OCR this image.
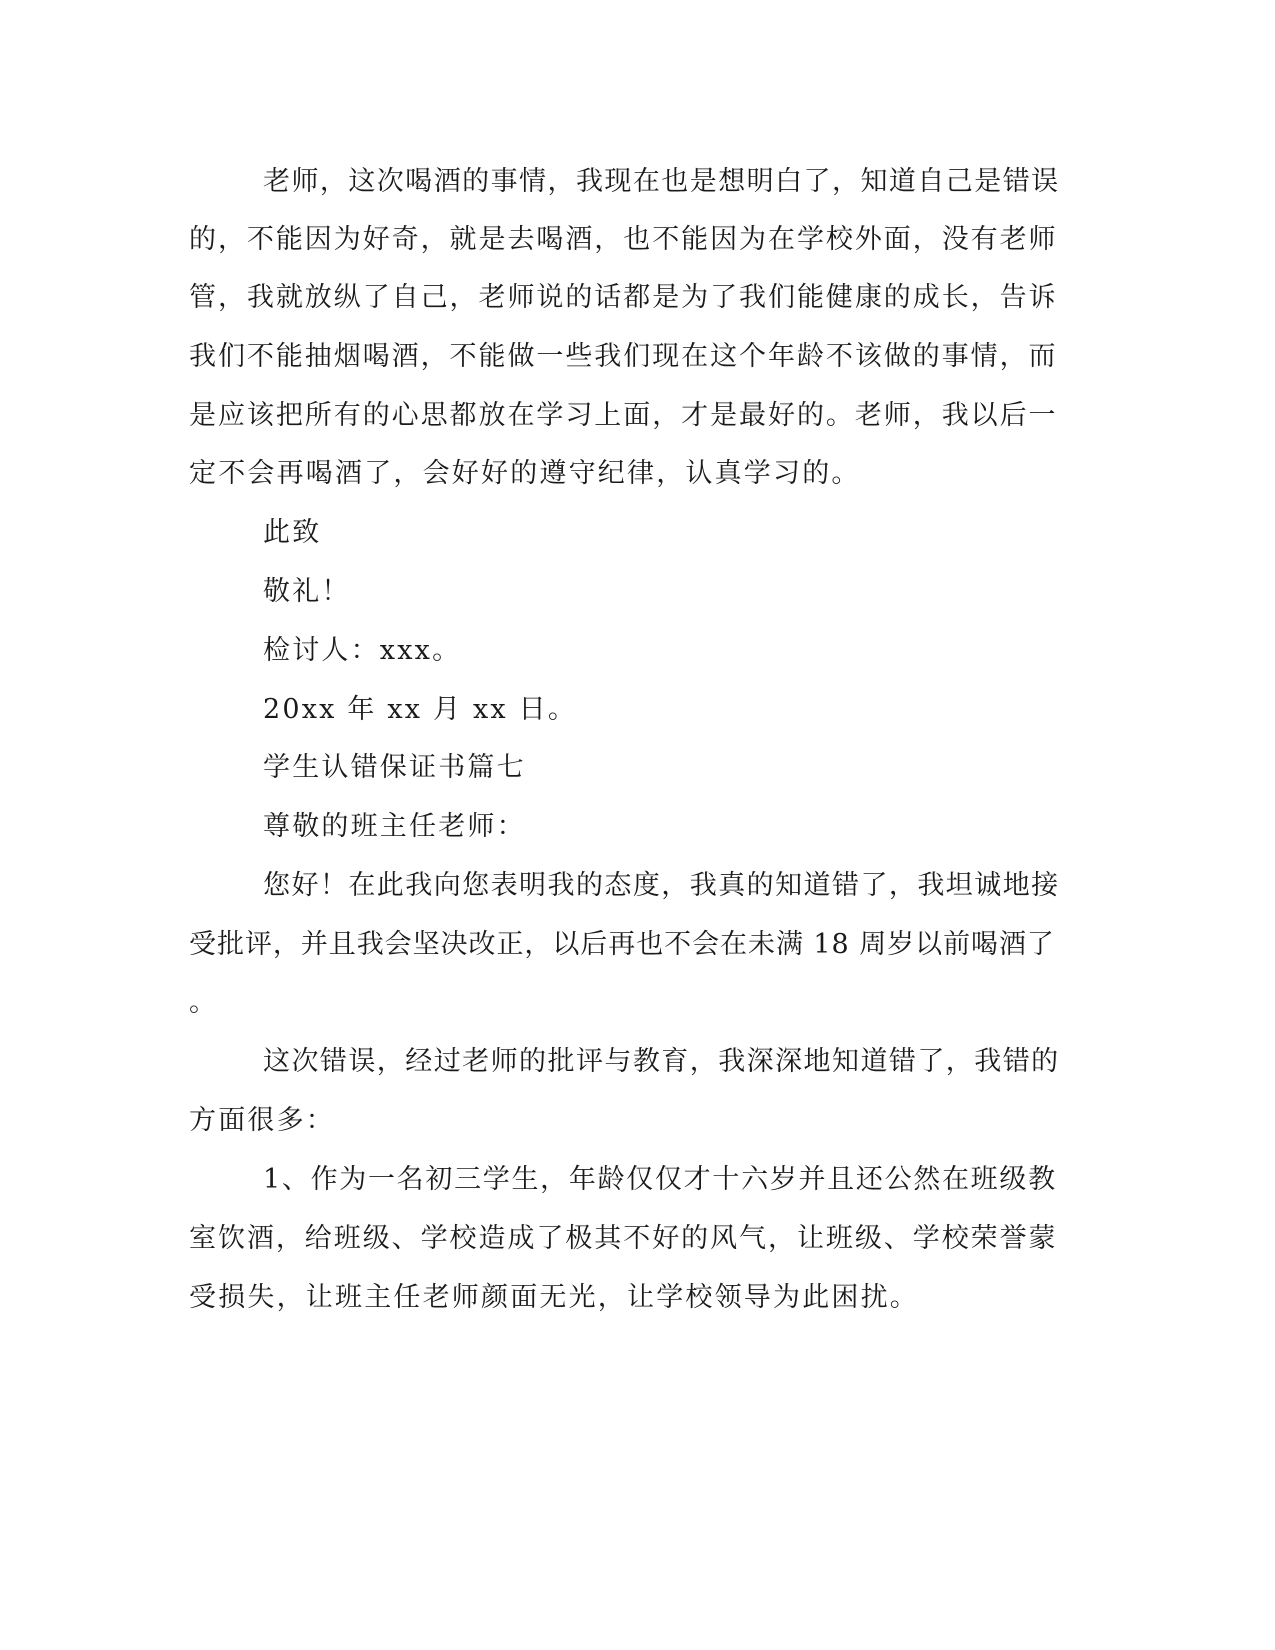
老师，这次喝酒的事情，我现在也是想明白了，知道自己是错误
的，不能因为好奇，就是去喝酒，也不能因为在学校外面，没有老师
管，我就放纵了自己，老师说的话都是为了我们能健康的成长，告诉
我们不能抽烟喝酒，不能做一些我们现在这个年龄不该做的事情，而
是应该把所有的心思都放在学习上面，才是最好的。老师，我以后一
定不会再喝酒了，会好好的遵守纪律，认真学习的。
此致
敬礼！
检讨人：xxx。
20xx 年 xx 月 xx 日。
学生认错保证书篇七
尊敬的班主任老师：
您好！在此我向您表明我的态度，我真的知道错了，我坦诚地接
受批评，并且我会坚决改正，以后再也不会在未满 18 周岁以前喝酒了
。
这次错误，经过老师的批评与教育，我深深地知道错了，我错的
方面很多：
1、作为一名初三学生，年龄仅仅才十六岁并且还公然在班级教
室饮酒，给班级、学校造成了极其不好的风气，让班级、学校荣誉蒙
受损失，让班主任老师颜面无光，让学校领导为此困扰。
